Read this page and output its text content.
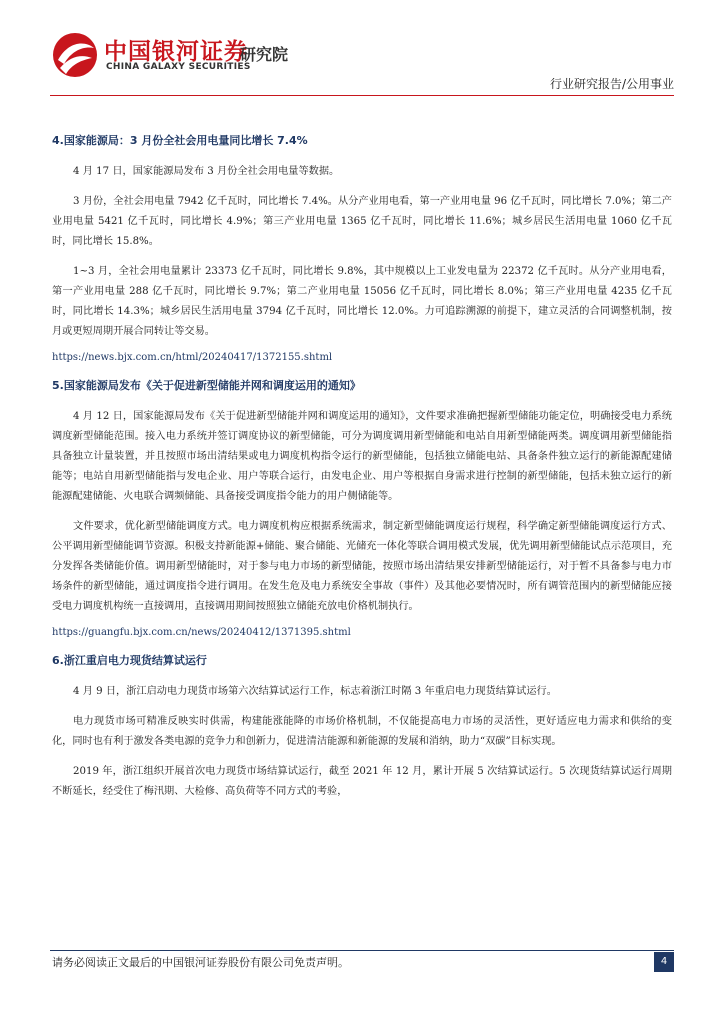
中国银河证券
CHINA GALAXY SECURITIES
研究院
行业研究报告/公用事业
4.国家能源局：3 月份全社会用电量同比增长 7.4%

4 月 17 日，国家能源局发布 3 月份全社会用电量等数据。

3 月份，全社会用电量 7942 亿千瓦时，同比增长 7.4%。从分产业用电看，第一产业用电量 96 亿千瓦时，同比增长 7.0%；第二产业用电量 5421 亿千瓦时，同比增长 4.9%；第三产业用电量 1365 亿千瓦时，同比增长 11.6%；城乡居民生活用电量 1060 亿千瓦时，同比增长 15.8%。

1~3 月，全社会用电量累计 23373 亿千瓦时，同比增长 9.8%，其中规模以上工业发电量为 22372 亿千瓦时。从分产业用电看，第一产业用电量 288 亿千瓦时，同比增长 9.7%；第二产业用电量 15056 亿千瓦时，同比增长 8.0%；第三产业用电量 4235 亿千瓦时，同比增长 14.3%；城乡居民生活用电量 3794 亿千瓦时，同比增长 12.0%。力可追踪溯源的前提下，建立灵活的合同调整机制，按月或更短周期开展合同转让等交易。

https://news.bjx.com.cn/html/20240417/1372155.shtml
5.国家能源局发布《关于促进新型储能并网和调度运用的通知》

4 月 12 日，国家能源局发布《关于促进新型储能并网和调度运用的通知》，文件要求准确把握新型储能功能定位，明确接受电力系统调度新型储能范围。接入电力系统并签订调度协议的新型储能，可分为调度调用新型储能和电站自用新型储能两类。调度调用新型储能指具备独立计量装置，并且按照市场出清结果或电力调度机构指令运行的新型储能，包括独立储能电站、具备条件独立运行的新能源配建储能等；电站自用新型储能指与发电企业、用户等联合运行，由发电企业、用户等根据自身需求进行控制的新型储能，包括未独立运行的新能源配建储能、火电联合调频储能、具备接受调度指令能力的用户侧储能等。

文件要求，优化新型储能调度方式。电力调度机构应根据系统需求，制定新型储能调度运行规程，科学确定新型储能调度运行方式、公平调用新型储能调节资源。积极支持新能源+储能、聚合储能、光储充一体化等联合调用模式发展，优先调用新型储能试点示范项目，充分发挥各类储能价值。调用新型储能时，对于参与电力市场的新型储能，按照市场出清结果安排新型储能运行，对于暂不具备参与电力市场条件的新型储能，通过调度指令进行调用。在发生危及电力系统安全事故（事件）及其他必要情况时，所有调管范围内的新型储能应接受电力调度机构统一直接调用，直接调用期间按照独立储能充放电价格机制执行。

https://guangfu.bjx.com.cn/news/20240412/1371395.shtml
6.浙江重启电力现货结算试运行

4 月 9 日，浙江启动电力现货市场第六次结算试运行工作，标志着浙江时隔 3 年重启电力现货结算试运行。

电力现货市场可精准反映实时供需，构建能涨能降的市场价格机制，不仅能提高电力市场的灵活性，更好适应电力需求和供给的变化，同时也有利于激发各类电源的竞争力和创新力，促进清洁能源和新能源的发展和消纳，助力“双碳”目标实现。

2019 年，浙江组织开展首次电力现货市场结算试运行，截至 2021 年 12 月，累计开展 5 次结算试运行。5 次现货结算试运行周期不断延长，经受住了梅汛期、大检修、高负荷等不同方式的考验，

请务必阅读正文最后的中国银河证券股份有限公司免责声明。	4
